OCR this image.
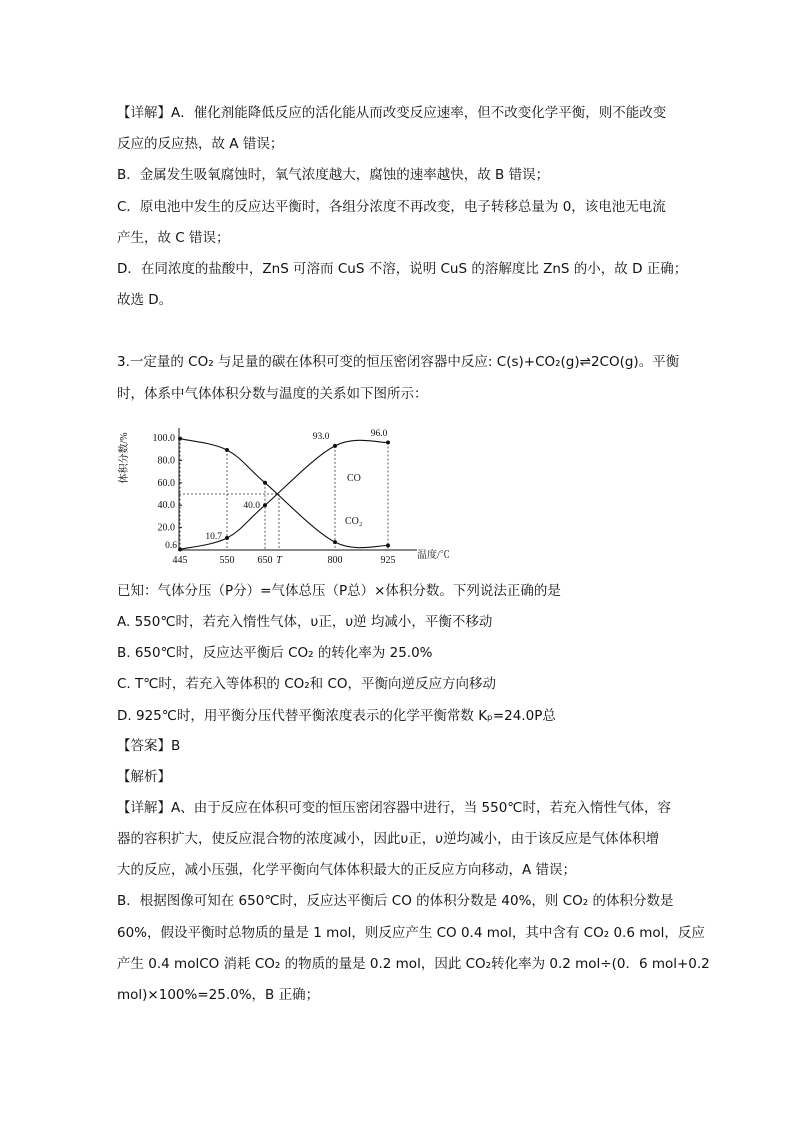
【详解】A．催化剂能降低反应的活化能从而改变反应速率，但不改变化学平衡，则不能改变
反应的反应热，故 A 错误；
B．金属发生吸氧腐蚀时，氧气浓度越大，腐蚀的速率越快，故 B 错误；
C．原电池中发生的反应达平衡时，各组分浓度不再改变，电子转移总量为 0，该电池无电流
产生，故 C 错误；
D．在同浓度的盐酸中，ZnS 可溶而 CuS 不溶，说明 CuS 的溶解度比 ZnS 的小，故 D 正确；
故选 D。
3.一定量的 CO₂ 与足量的碳在体积可变的恒压密闭容器中反应: C(s)+CO₂(g)⇌2CO(g)。平衡
时，体系中气体体积分数与温度的关系如下图所示：
100.0
80.0
60.0
40.0
20.0
445	550 650 T	800	925
CO
CO₂
0.6
10.7
40.0
93.0	96.0
体积分数/%
温度/℃
已知：气体分压（P分）=气体总压（P总）×体积分数。下列说法正确的是
A. 550℃时，若充入惰性气体，υ正，υ逆 均减小，平衡不移动
B. 650℃时，反应达平衡后 CO₂ 的转化率为 25.0%
C. T℃时，若充入等体积的 CO₂和 CO，平衡向逆反应方向移动
D. 925℃时，用平衡分压代替平衡浓度表示的化学平衡常数 Kₚ=24.0P总
【答案】B
【解析】
【详解】A、由于反应在体积可变的恒压密闭容器中进行，当 550℃时，若充入惰性气体，容
器的容积扩大，使反应混合物的浓度减小，因此υ正，υ逆均减小，由于该反应是气体体积增
大的反应，减小压强，化学平衡向气体体积最大的正反应方向移动，A 错误；
B．根据图像可知在 650℃时，反应达平衡后 CO 的体积分数是 40%，则 CO₂ 的体积分数是
60%，假设平衡时总物质的量是 1 mol，则反应产生 CO 0.4 mol，其中含有 CO₂ 0.6 mol，反应
产生 0.4 molCO 消耗 CO₂ 的物质的量是 0.2 mol，因此 CO₂转化率为 0.2 mol÷(0．6 mol+0.2
mol)×100%=25.0%，B 正确；
